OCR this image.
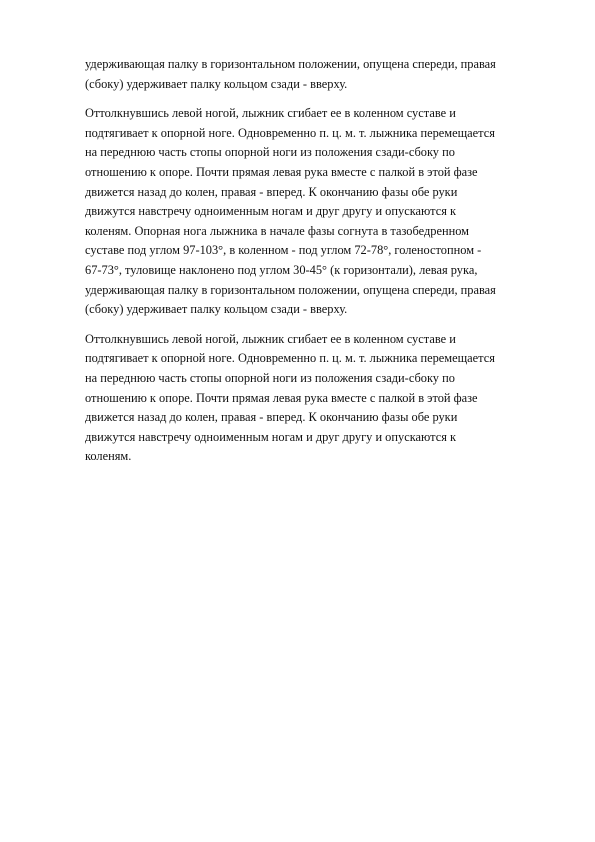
удерживающая палку в горизонтальном положении, опущена спереди, правая
(сбоку) удерживает палку кольцом сзади - вверху.

Оттолкнувшись левой ногой, лыжник сгибает ее в коленном суставе и
подтягивает к опорной ноге. Одновременно п. ц. м. т. лыжника перемещается
на переднюю часть стопы опорной ноги из положения сзади-сбоку по
отношению к опоре. Почти прямая левая рука вместе с палкой в этой фазе
движется назад до колен, правая - вперед. К окончанию фазы обе руки
движутся навстречу одноименным ногам и друг другу и опускаются к
коленям. Опорная нога лыжника в начале фазы согнута в тазобедренном
суставе под углом 97-103°, в коленном - под углом 72-78°, голеностопном -
67-73°, туловище наклонено под углом 30-45° (к горизонтали), левая рука,
удерживающая палку в горизонтальном положении, опущена спереди, правая
(сбоку) удерживает палку кольцом сзади - вверху.

Оттолкнувшись левой ногой, лыжник сгибает ее в коленном суставе и
подтягивает к опорной ноге. Одновременно п. ц. м. т. лыжника перемещается
на переднюю часть стопы опорной ноги из положения сзади-сбоку по
отношению к опоре. Почти прямая левая рука вместе с палкой в этой фазе
движется назад до колен, правая - вперед. К окончанию фазы обе руки
движутся навстречу одноименным ногам и друг другу и опускаются к
коленям.
